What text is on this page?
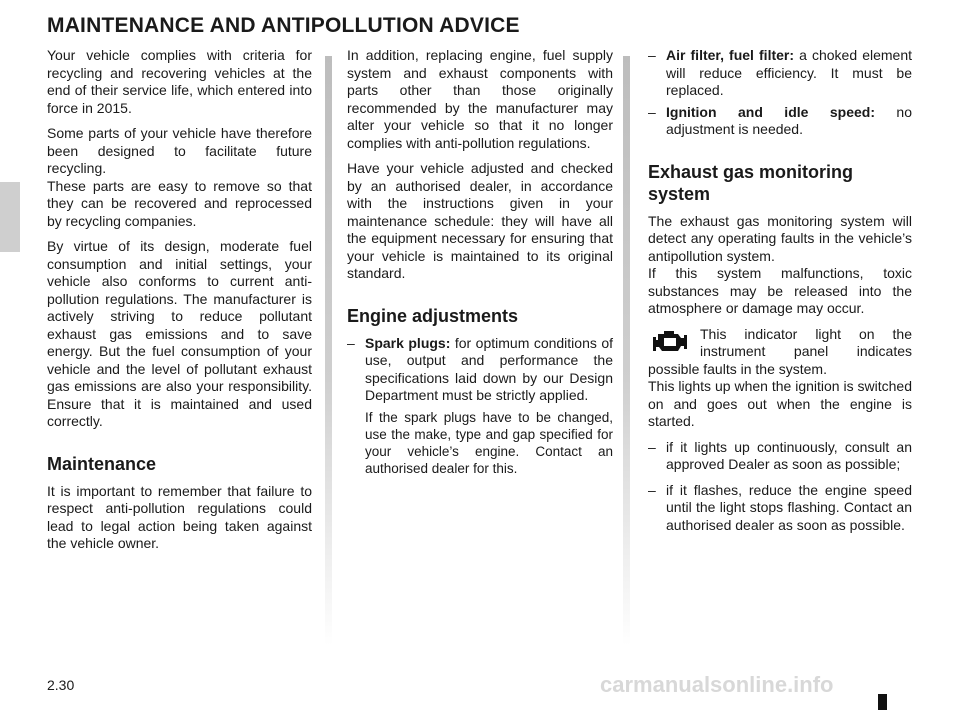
MAINTENANCE AND ANTIPOLLUTION ADVICE

Your vehicle complies with criteria for recycling and recovering vehicles at the end of their service life, which entered into force in 2015.

Some parts of your vehicle have therefore been designed to facilitate future recycling.
These parts are easy to remove so that they can be recovered and reprocessed by recycling companies.

By virtue of its design, moderate fuel consumption and initial settings, your vehicle also conforms to current anti-pollution regulations. The manufacturer is actively striving to reduce pollutant exhaust gas emissions and to save energy. But the fuel consumption of your vehicle and the level of pollutant exhaust gas emissions are also your responsibility. Ensure that it is maintained and used correctly.

Maintenance

It is important to remember that failure to respect anti-pollution regulations could lead to legal action being taken against the vehicle owner.

In addition, replacing engine, fuel supply system and exhaust components with parts other than those originally recommended by the manufacturer may alter your vehicle so that it no longer complies with anti-pollution regulations.

Have your vehicle adjusted and checked by an authorised dealer, in accordance with the instructions given in your maintenance schedule: they will have all the equipment necessary for ensuring that your vehicle is maintained to its original standard.

Engine adjustments
– Spark plugs: for optimum conditions of use, output and performance the specifications laid down by our Design Department must be strictly applied.

If the spark plugs have to be changed, use the make, type and gap specified for your vehicle’s engine. Contact an authorised dealer for this.

– Air filter, fuel filter: a choked element will reduce efficiency. It must be replaced.
– Ignition and idle speed: no adjustment is needed.
Exhaust gas monitoring system

The exhaust gas monitoring system will detect any operating faults in the vehicle’s antipollution system.
If this system malfunctions, toxic substances may be released into the atmosphere or damage may occur.

This indicator light on the instrument panel indicates possible faults in the system.
This lights up when the ignition is switched on and goes out when the engine is started.
– if it lights up continuously, consult an approved Dealer as soon as possible;
– if it flashes, reduce the engine speed until the light stops flashing. Contact an authorised dealer as soon as possible.
2.30	carmanualsonline.info
